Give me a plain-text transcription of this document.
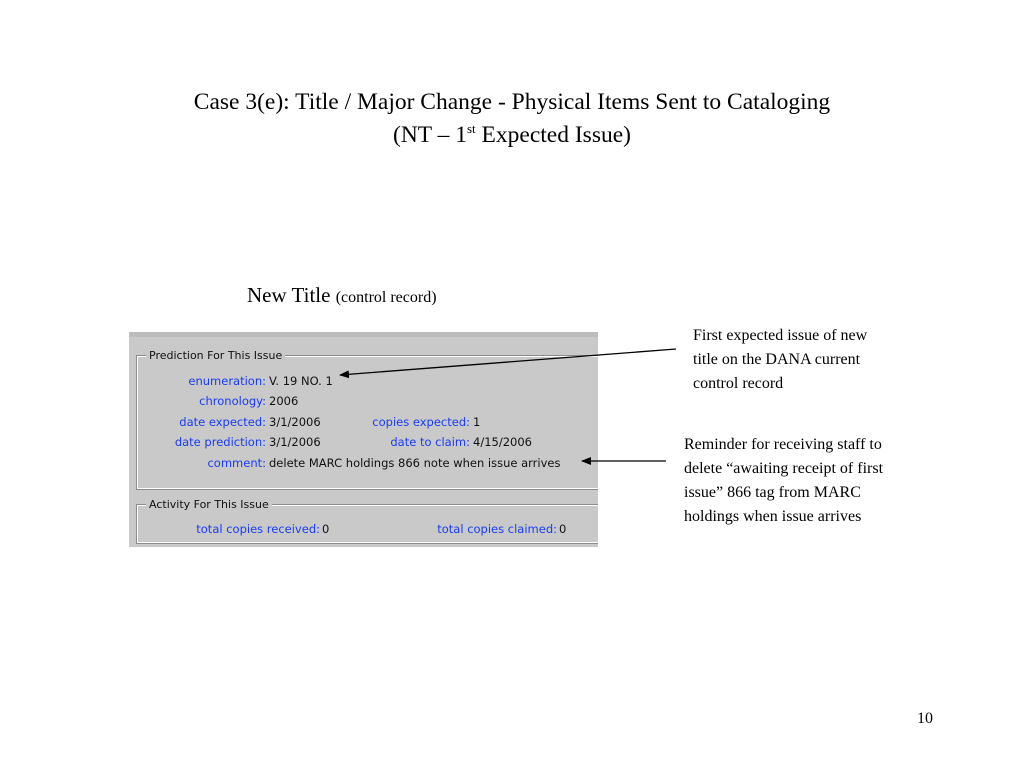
Case 3(e): Title / Major Change - Physical Items Sent to Cataloging
(NT – 1st Expected Issue)
New Title (control record)
Prediction For This Issue
enumeration: V. 19 NO. 1
chronology: 2006
date expected: 3/1/2006	copies expected: 1
date prediction: 3/1/2006	date to claim: 4/15/2006
comment: delete MARC holdings 866 note when issue arrives
Activity For This Issue
total copies received: 0	total copies claimed: 0
First expected issue of new
title on the DANA current
control record
Reminder for receiving staff to
delete “awaiting receipt of first
issue” 866 tag from MARC
holdings when issue arrives
10
